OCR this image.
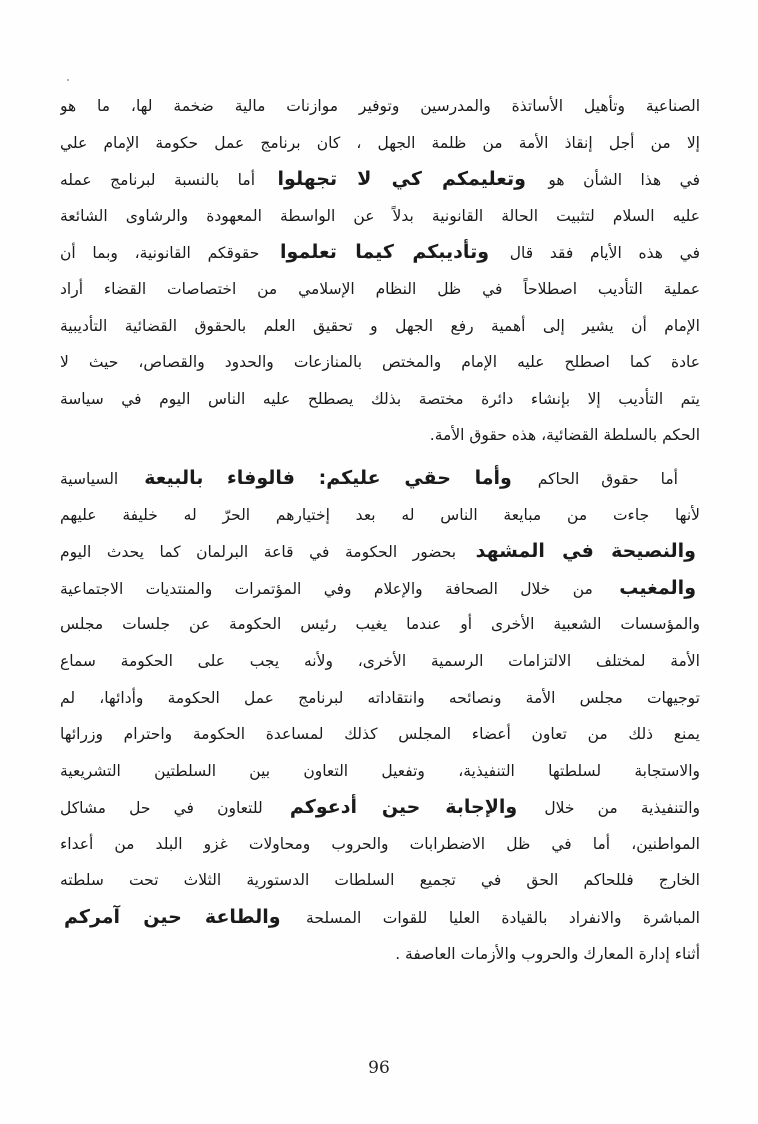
الصناعية وتأهيل الأساتذة والمدرسين وتوفير موازنات مالية ضخمة لها، ما هو
إلا من أجل إنقاذ الأمة من ظلمة الجهل ، كان برنامج عمل حكومة الإمام علي
في هذا الشأن هو وتعليمكم كي لا تجهلوا أما بالنسبة لبرنامج عمله
عليه السلام لتثبيت الحالة القانونية بدلاً عن الواسطة المعهودة والرشاوى الشائعة
في هذه الأيام فقد قال وتأديبكم كيما تعلموا حقوقكم القانونية، وبما أن
عملية التأديب اصطلاحاً في ظل النظام الإسلامي من اختصاصات القضاء أراد
الإمام أن يشير إلى أهمية رفع الجهل و تحقيق العلم بالحقوق القضائية التأديبية
عادة كما اصطلح عليه الإمام والمختص بالمنازعات والحدود والقصاص، حيث لا
يتم التأديب إلا بإنشاء دائرة مختصة بذلك يصطلح عليه الناس اليوم في سياسة
الحكم بالسلطة القضائية، هذه حقوق الأمة.
أما حقوق الحاكم وأما حقي عليكم: فالوفاء بالبيعة السياسية
لأنها جاءت من مبايعة الناس له بعد إختيارهم الحرّ له خليفة عليهم
والنصيحة في المشهد بحضور الحكومة في قاعة البرلمان كما يحدث اليوم
والمغيب من خلال الصحافة والإعلام وفي المؤتمرات والمنتديات الاجتماعية
والمؤسسات الشعبية الأخرى أو عندما يغيب رئيس الحكومة عن جلسات مجلس
الأمة لمختلف الالتزامات الرسمية الأخرى، ولأنه يجب على الحكومة سماع
توجيهات مجلس الأمة ونصائحه وانتقاداته لبرنامج عمل الحكومة وأدائها، لم
يمنع ذلك من تعاون أعضاء المجلس كذلك لمساعدة الحكومة واحترام وزرائها
والاستجابة لسلطتها التنفيذية، وتفعيل التعاون بين السلطتين التشريعية
والتنفيذية من خلال والإجابة حين أدعوكم للتعاون في حل مشاكل
المواطنين، أما في ظل الاضطرابات والحروب ومحاولات غزو البلد من أعداء
الخارج فللحاكم الحق في تجميع السلطات الدستورية الثلاث تحت سلطته
المباشرة والانفراد بالقيادة العليا للقوات المسلحة والطاعة حين آمركم
أثناء إدارة المعارك والحروب والأزمات العاصفة .
96
